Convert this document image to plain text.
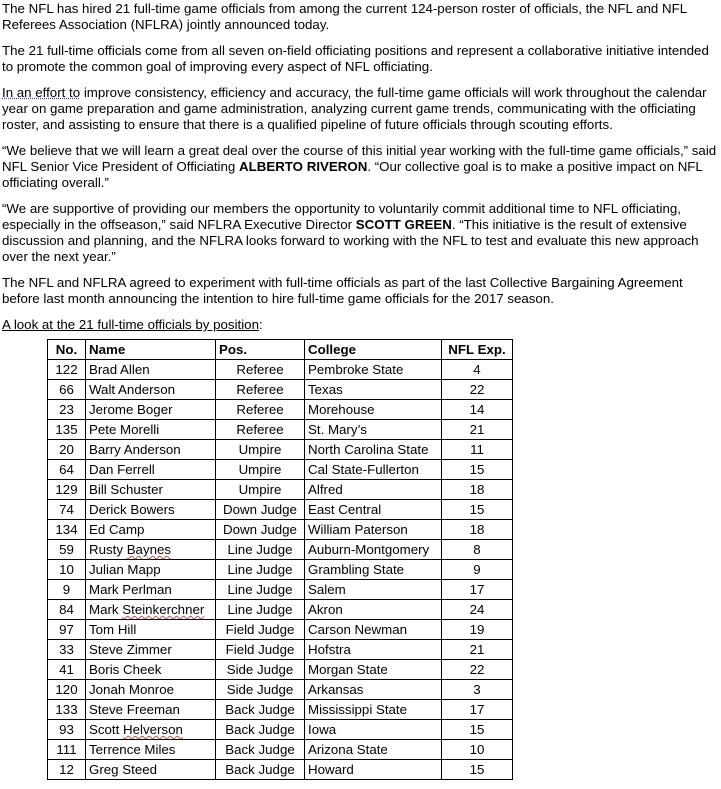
The NFL has hired 21 full-time game officials from among the current 124-person roster of officials, the NFL and NFL Referees Association (NFLRA) jointly announced today.

The 21 full-time officials come from all seven on-field officiating positions and represent a collaborative initiative intended to promote the common goal of improving every aspect of NFL officiating.

In an effort to improve consistency, efficiency and accuracy, the full-time game officials will work throughout the calendar year on game preparation and game administration, analyzing current game trends, communicating with the officiating roster, and assisting to ensure that there is a qualified pipeline of future officials through scouting efforts.

“We believe that we will learn a great deal over the course of this initial year working with the full-time game officials,” said NFL Senior Vice President of Officiating ALBERTO RIVERON. “Our collective goal is to make a positive impact on NFL officiating overall.”

“We are supportive of providing our members the opportunity to voluntarily commit additional time to NFL officiating, especially in the offseason,” said NFLRA Executive Director SCOTT GREEN. “This initiative is the result of extensive discussion and planning, and the NFLRA looks forward to working with the NFL to test and evaluate this new approach over the next year.”

The NFL and NFLRA agreed to experiment with full-time officials as part of the last Collective Bargaining Agreement before last month announcing the intention to hire full-time game officials for the 2017 season.

A look at the 21 full-time officials by position:

No.	Name	Pos.	College	NFL Exp.
122	Brad Allen	Referee	Pembroke State	4
66	Walt Anderson	Referee	Texas	22
23	Jerome Boger	Referee	Morehouse	14
135	Pete Morelli	Referee	St. Mary’s	21
20	Barry Anderson	Umpire	North Carolina State	11
64	Dan Ferrell	Umpire	Cal State-Fullerton	15
129	Bill Schuster	Umpire	Alfred	18
74	Derick Bowers	Down Judge	East Central	15
134	Ed Camp	Down Judge	William Paterson	18
59	Rusty Baynes	Line Judge	Auburn-Montgomery	8
10	Julian Mapp	Line Judge	Grambling State	9
9	Mark Perlman	Line Judge	Salem	17
84	Mark Steinkerchner	Line Judge	Akron	24
97	Tom Hill	Field Judge	Carson Newman	19
33	Steve Zimmer	Field Judge	Hofstra	21
41	Boris Cheek	Side Judge	Morgan State	22
120	Jonah Monroe	Side Judge	Arkansas	3
133	Steve Freeman	Back Judge	Mississippi State	17
93	Scott Helverson	Back Judge	Iowa	15
111	Terrence Miles	Back Judge	Arizona State	10
12	Greg Steed	Back Judge	Howard	15
